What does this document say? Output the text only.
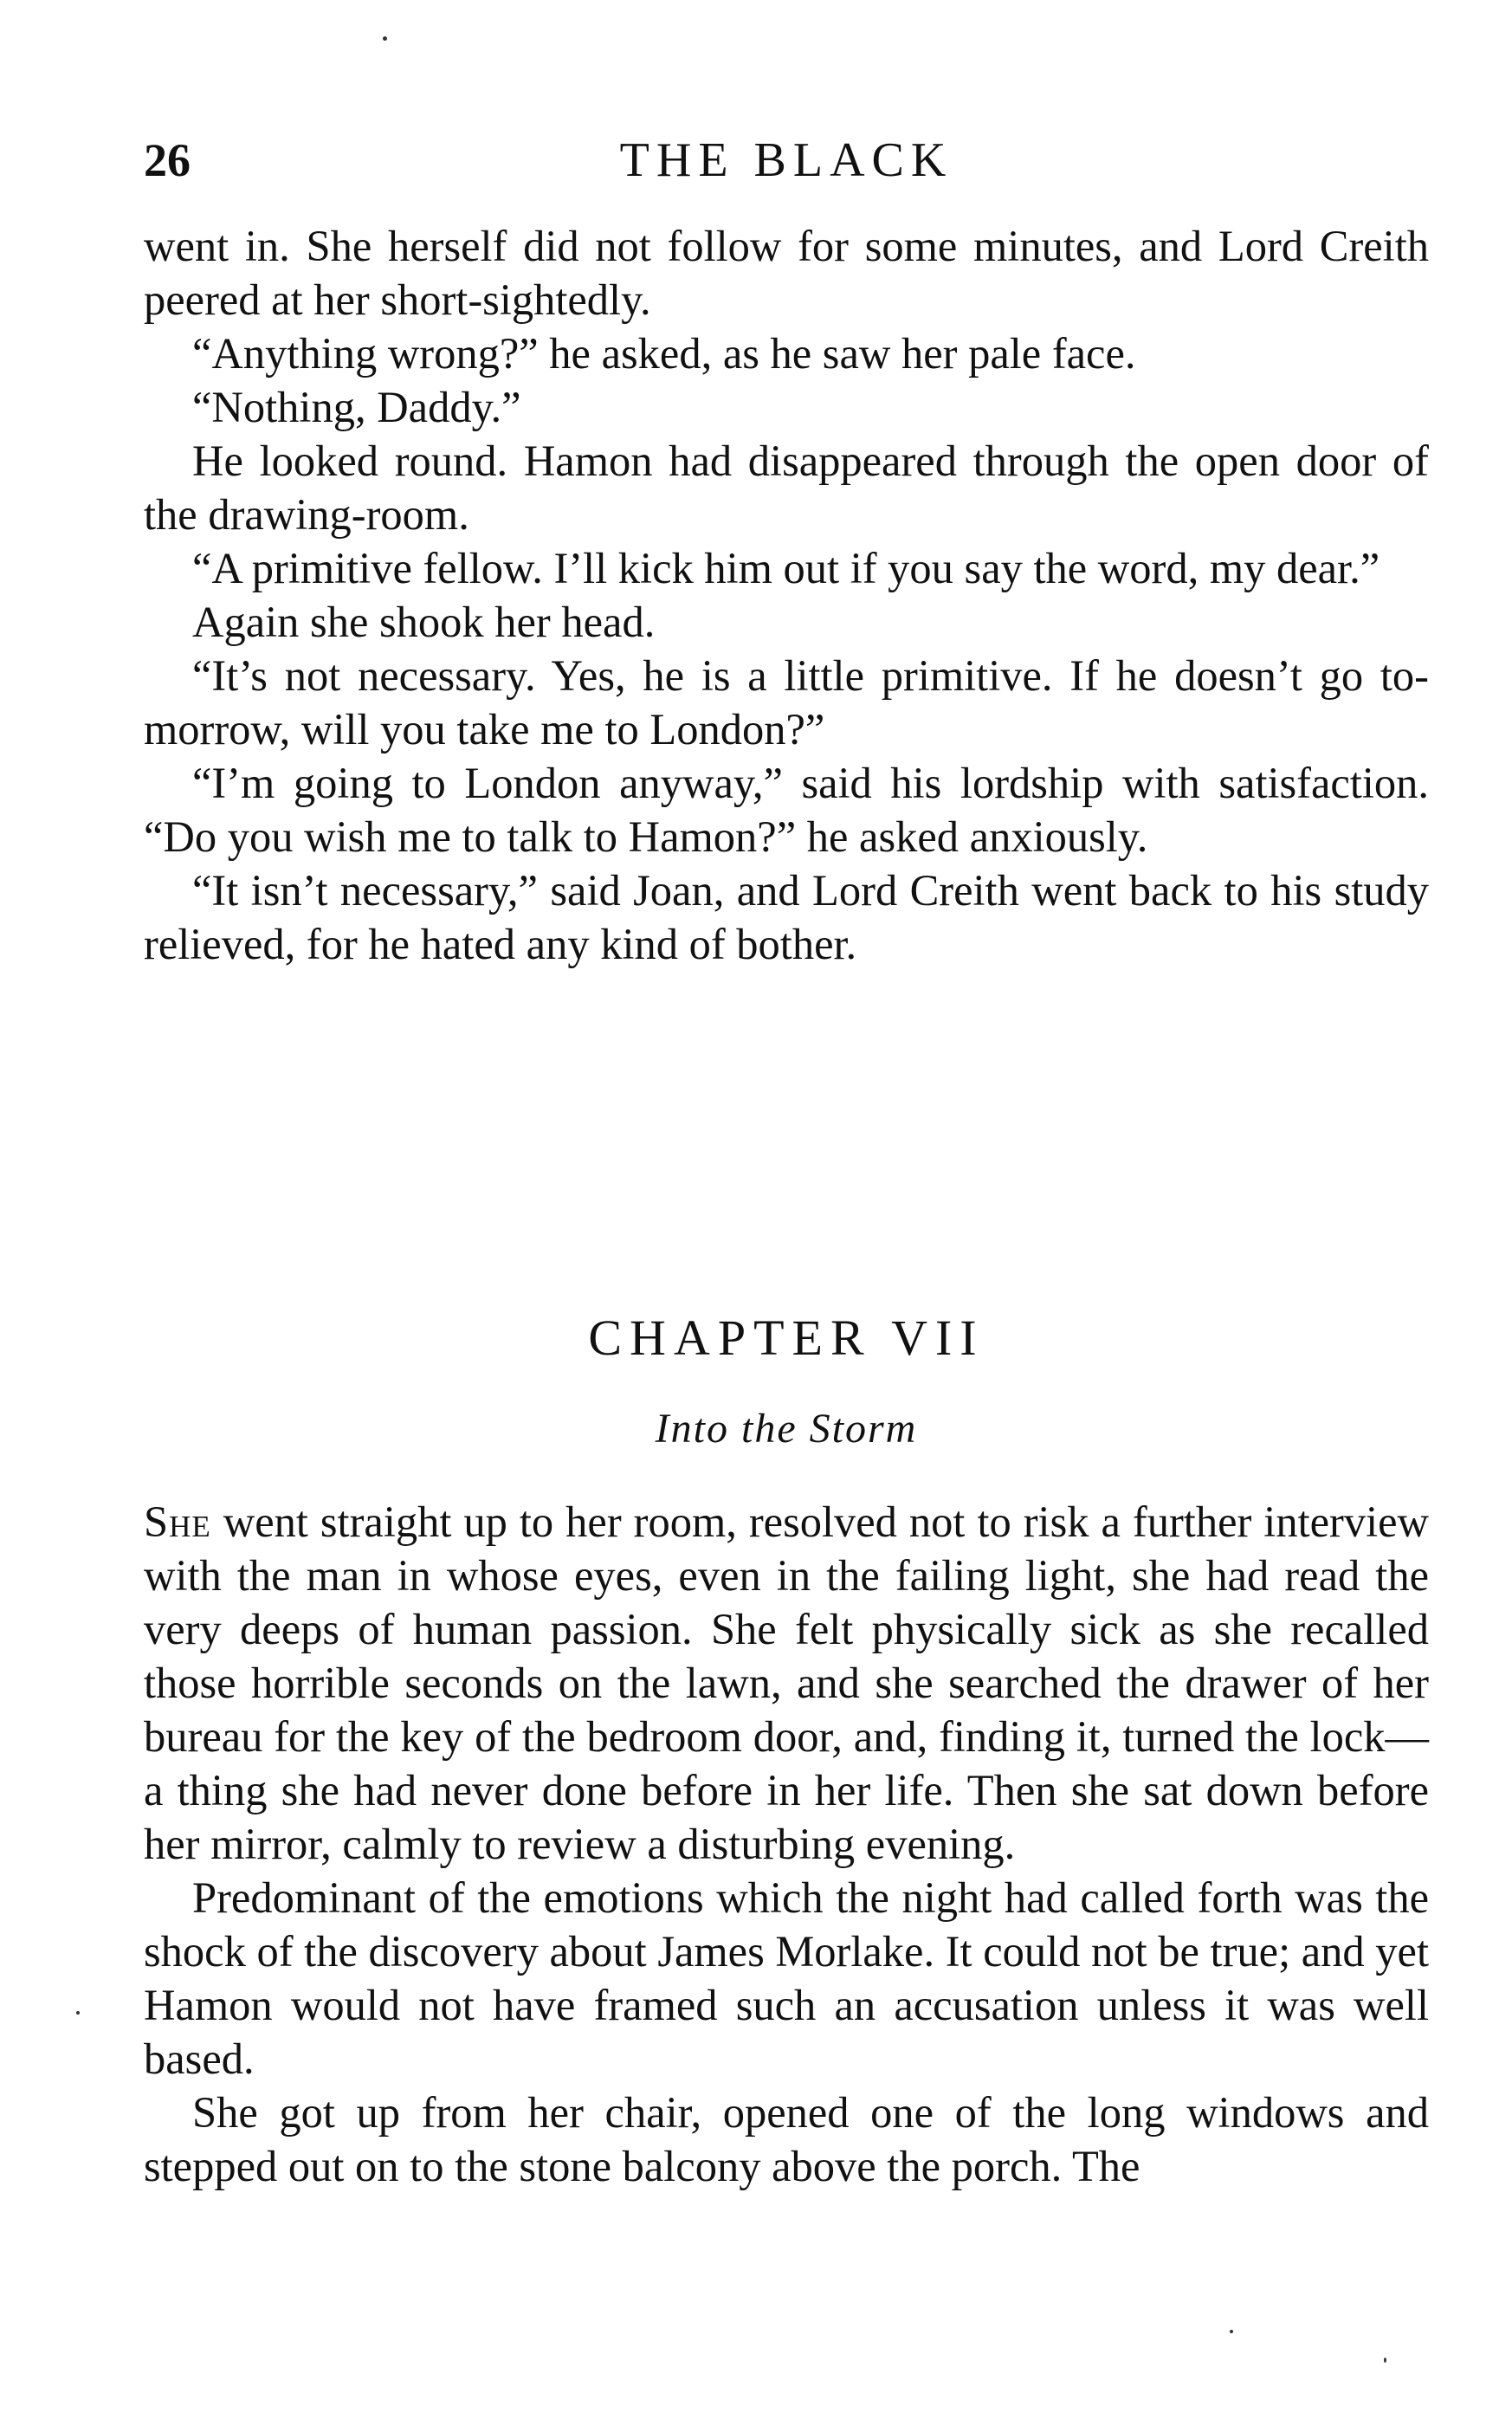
26	THE BLACK

went in. She herself did not follow for some minutes, and Lord Creith peered at her short-sightedly.

“Anything wrong?” he asked, as he saw her pale face.

“Nothing, Daddy.”

He looked round. Hamon had disappeared through the open door of the drawing-room.

“A primitive fellow. I’ll kick him out if you say the word, my dear.”

Again she shook her head.

“It’s not necessary. Yes, he is a little primitive. If he doesn’t go to-morrow, will you take me to London?”

“I’m going to London anyway,” said his lordship with satisfaction. “Do you wish me to talk to Hamon?” he asked anxiously.

“It isn’t necessary,” said Joan, and Lord Creith went back to his study relieved, for he hated any kind of bother.

CHAPTER VII
Into the Storm

She went straight up to her room, resolved not to risk a further interview with the man in whose eyes, even in the failing light, she had read the very deeps of human passion. She felt physically sick as she recalled those horrible seconds on the lawn, and she searched the drawer of her bureau for the key of the bedroom door, and, finding it, turned the lock—a thing she had never done before in her life. Then she sat down before her mirror, calmly to review a disturbing evening.

Predominant of the emotions which the night had called forth was the shock of the discovery about James Morlake. It could not be true; and yet Hamon would not have framed such an accusation unless it was well based.

She got up from her chair, opened one of the long windows and stepped out on to the stone balcony above the porch. The
